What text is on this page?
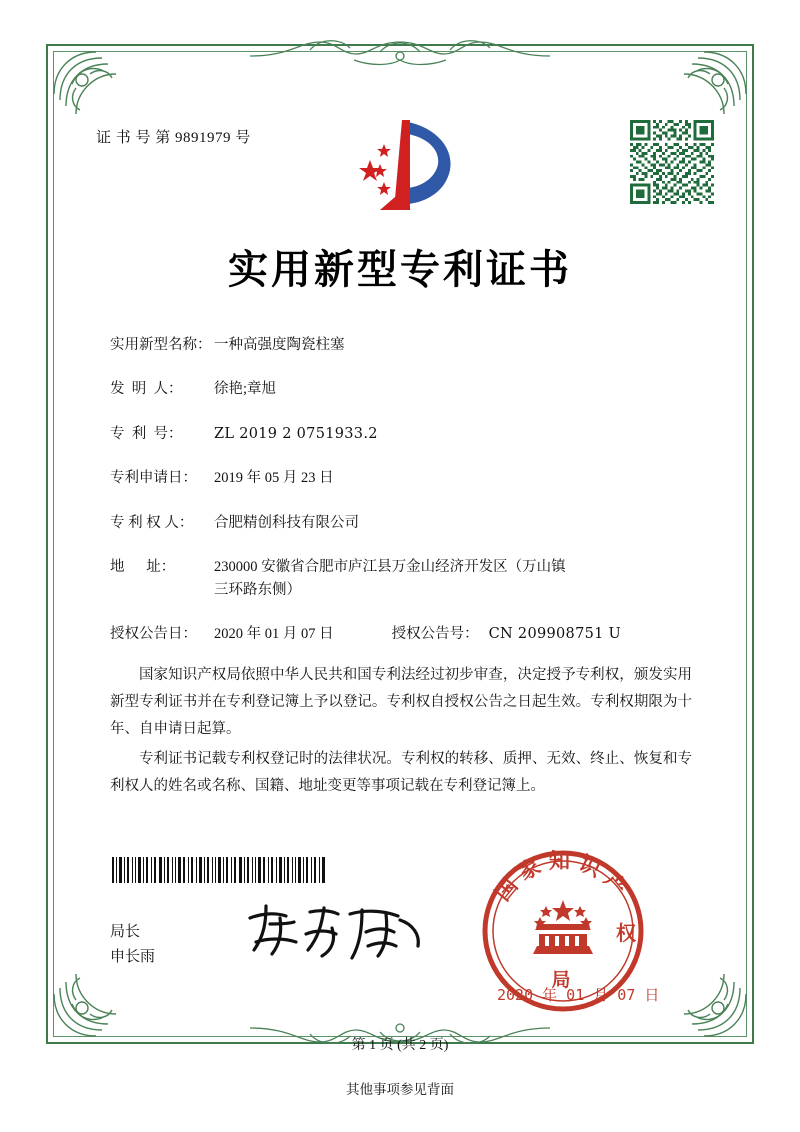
证 书 号 第 9891979 号
实用新型专利证书
实用新型名称： 一种高强度陶瓷柱塞
发  明  人：	徐艳;章旭
专  利  号：	ZL 2019 2 0751933.2
专利申请日：	2019 年 05 月 23 日
专 利 权 人：	合肥精创科技有限公司
地      址：	230000 安徽省合肥市庐江县万金山经济开发区（万山镇
三环路东侧）
授权公告日：	2020 年 01 月 07 日	授权公告号： CN 209908751 U

国家知识产权局依照中华人民共和国专利法经过初步审查，决定授予专利权，颁发实用新型专利证书并在专利登记簿上予以登记。专利权自授权公告之日起生效。专利权期限为十年、自申请日起算。

专利证书记载专利权登记时的法律状况。专利权的转移、质押、无效、终止、恢复和专利权人的姓名或名称、国籍、地址变更等事项记载在专利登记簿上。

局长
申长雨
国家知识产
局
权
2020 年 01 月 07 日
第 1 页 (共 2 页)
其他事项参见背面
